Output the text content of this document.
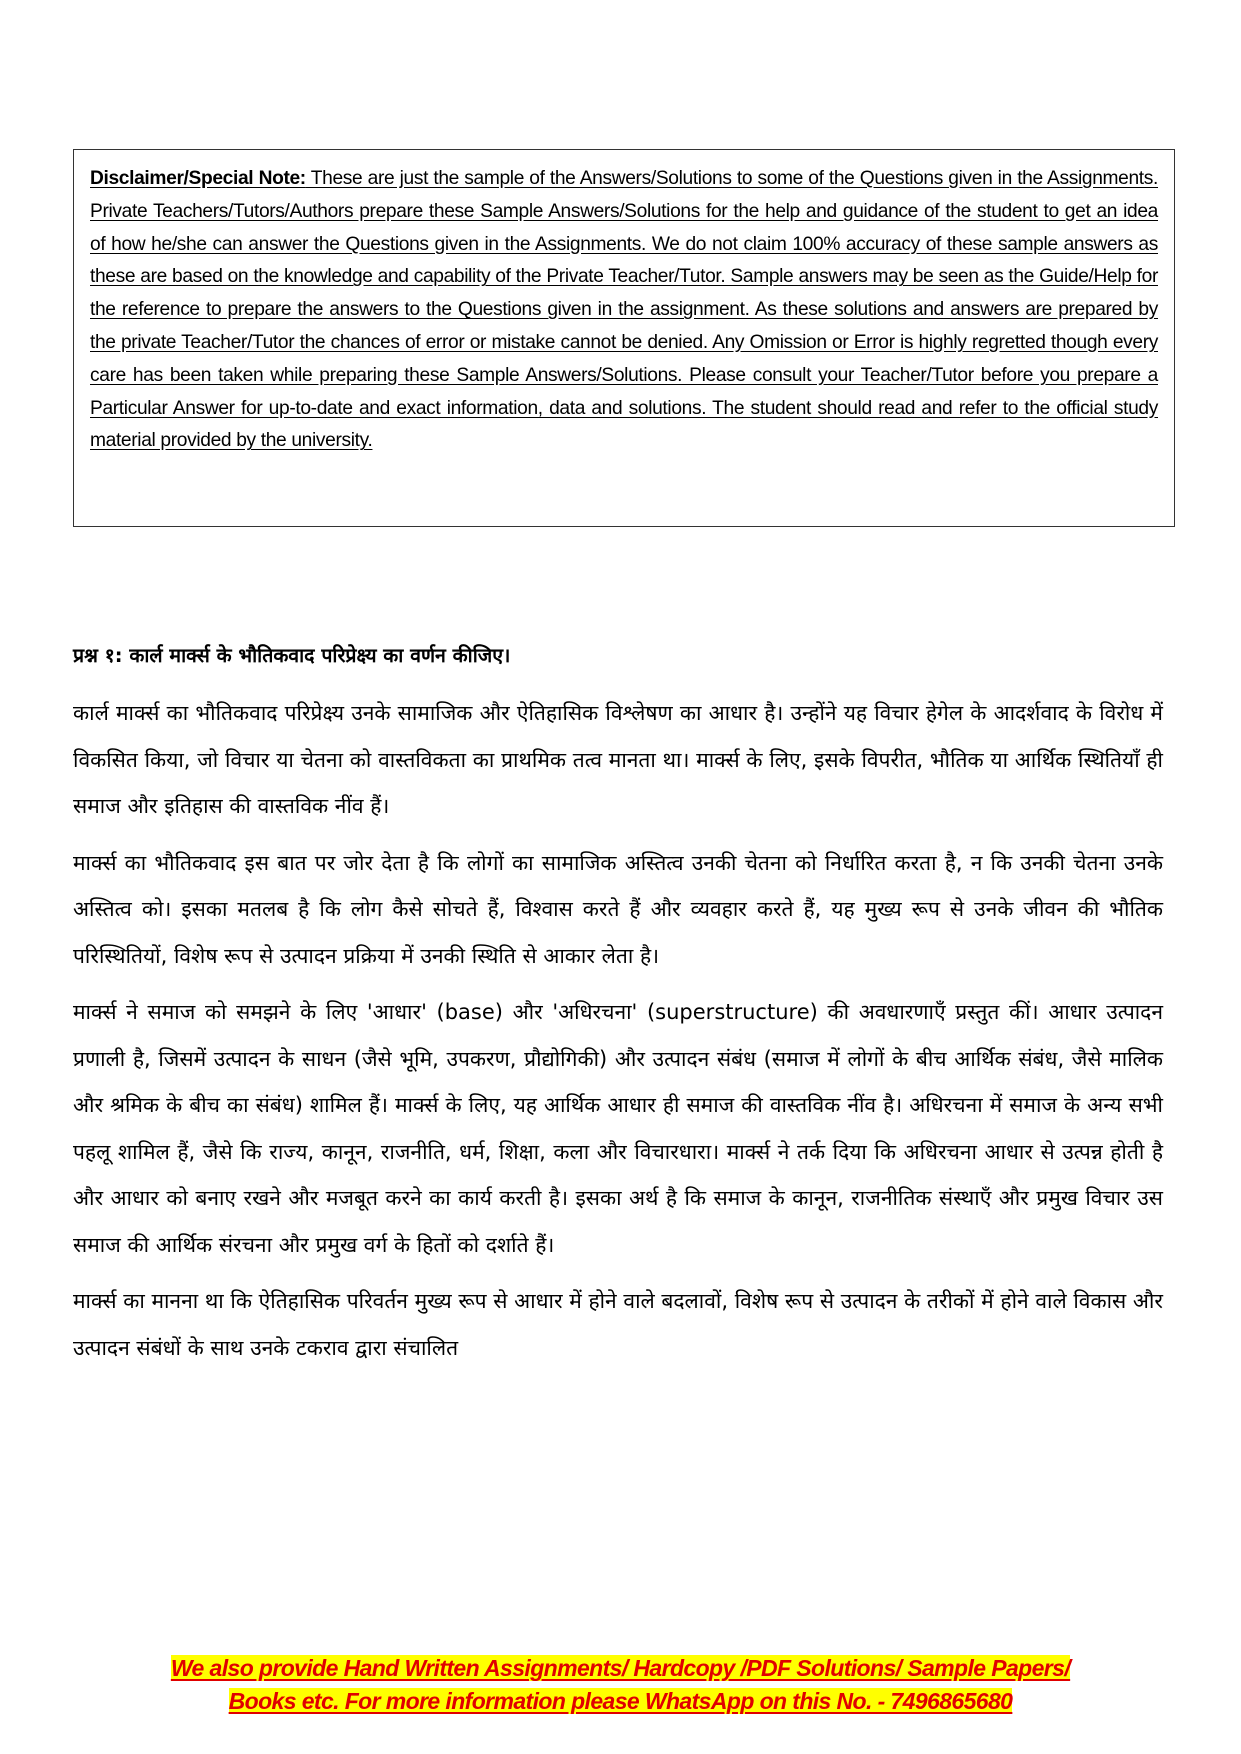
Disclaimer/Special Note: These are just the sample of the Answers/Solutions to some of the Questions given in the Assignments. Private Teachers/Tutors/Authors prepare these Sample Answers/Solutions for the help and guidance of the student to get an idea of how he/she can answer the Questions given in the Assignments. We do not claim 100% accuracy of these sample answers as these are based on the knowledge and capability of the Private Teacher/Tutor. Sample answers may be seen as the Guide/Help for the reference to prepare the answers to the Questions given in the assignment. As these solutions and answers are prepared by the private Teacher/Tutor the chances of error or mistake cannot be denied. Any Omission or Error is highly regretted though every care has been taken while preparing these Sample Answers/Solutions. Please consult your Teacher/Tutor before you prepare a Particular Answer for up-to-date and exact information, data and solutions. The student should read and refer to the official study material provided by the university.

प्रश्न १: कार्ल मार्क्स के भौतिकवाद परिप्रेक्ष्य का वर्णन कीजिए।

कार्ल मार्क्स का भौतिकवाद परिप्रेक्ष्य उनके सामाजिक और ऐतिहासिक विश्लेषण का आधार है। उन्होंने यह विचार हेगेल के आदर्शवाद के विरोध में विकसित किया, जो विचार या चेतना को वास्तविकता का प्राथमिक तत्व मानता था। मार्क्स के लिए, इसके विपरीत, भौतिक या आर्थिक स्थितियाँ ही समाज और इतिहास की वास्तविक नींव हैं।

मार्क्स का भौतिकवाद इस बात पर जोर देता है कि लोगों का सामाजिक अस्तित्व उनकी चेतना को निर्धारित करता है, न कि उनकी चेतना उनके अस्तित्व को। इसका मतलब है कि लोग कैसे सोचते हैं, विश्वास करते हैं और व्यवहार करते हैं, यह मुख्य रूप से उनके जीवन की भौतिक परिस्थितियों, विशेष रूप से उत्पादन प्रक्रिया में उनकी स्थिति से आकार लेता है।

मार्क्स ने समाज को समझने के लिए 'आधार' (base) और 'अधिरचना' (superstructure) की अवधारणाएँ प्रस्तुत कीं। आधार उत्पादन प्रणाली है, जिसमें उत्पादन के साधन (जैसे भूमि, उपकरण, प्रौद्योगिकी) और उत्पादन संबंध (समाज में लोगों के बीच आर्थिक संबंध, जैसे मालिक और श्रमिक के बीच का संबंध) शामिल हैं। मार्क्स के लिए, यह आर्थिक आधार ही समाज की वास्तविक नींव है। अधिरचना में समाज के अन्य सभी पहलू शामिल हैं, जैसे कि राज्य, कानून, राजनीति, धर्म, शिक्षा, कला और विचारधारा। मार्क्स ने तर्क दिया कि अधिरचना आधार से उत्पन्न होती है और आधार को बनाए रखने और मजबूत करने का कार्य करती है। इसका अर्थ है कि समाज के कानून, राजनीतिक संस्थाएँ और प्रमुख विचार उस समाज की आर्थिक संरचना और प्रमुख वर्ग के हितों को दर्शाते हैं।

मार्क्स का मानना था कि ऐतिहासिक परिवर्तन मुख्य रूप से आधार में होने वाले बदलावों, विशेष रूप से उत्पादन के तरीकों में होने वाले विकास और उत्पादन संबंधों के साथ उनके टकराव द्वारा संचालित

We also provide Hand Written Assignments/ Hardcopy /PDF Solutions/ Sample Papers/
Books etc. For more information please WhatsApp on this No. - 7496865680
